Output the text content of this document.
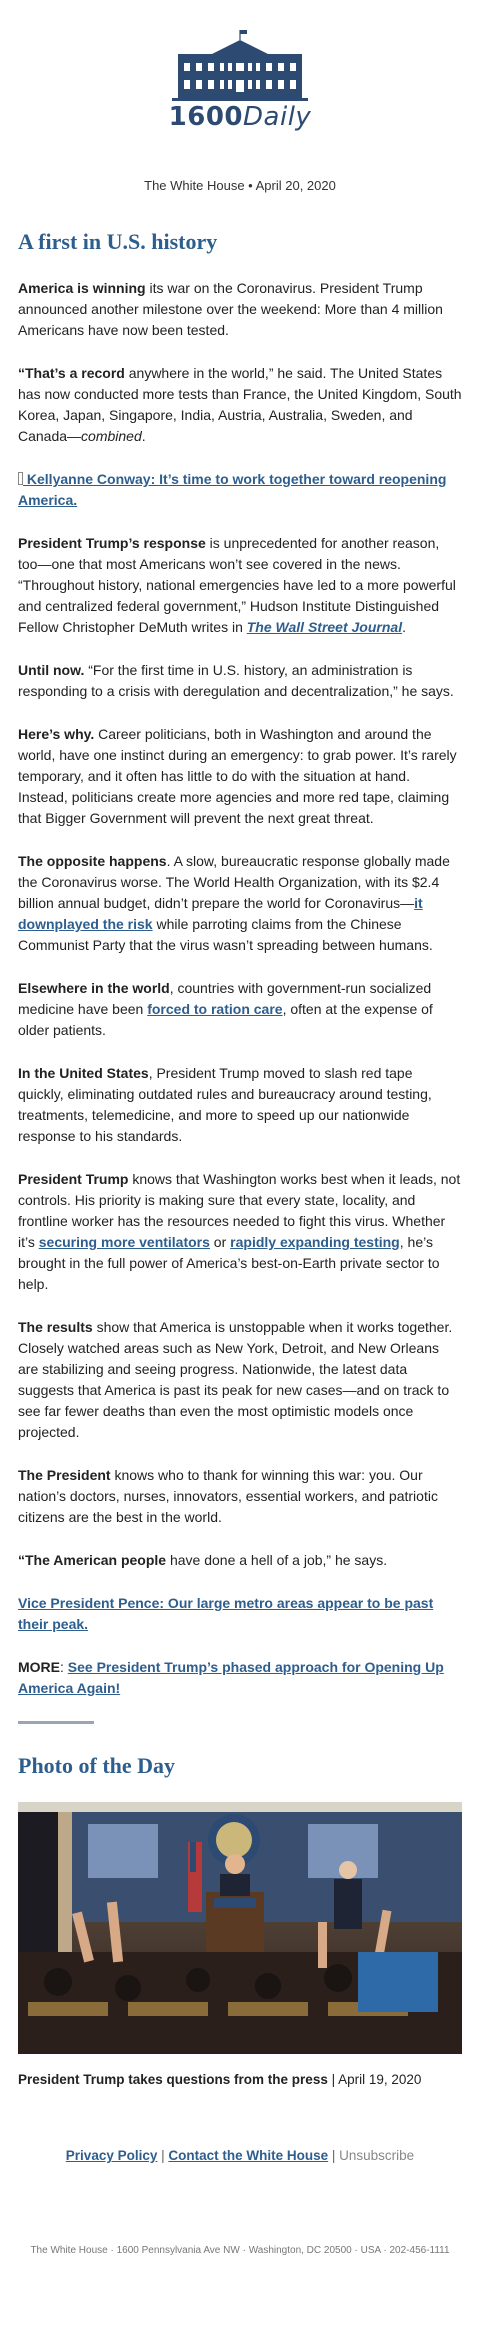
1600Daily
The White House • April 20, 2020
A first in U.S. history

America is winning its war on the Coronavirus. President Trump announced another milestone over the weekend: More than 4 million Americans have now been tested.

“That’s a record anywhere in the world,” he said. The United States has now conducted more tests than France, the United Kingdom, South Korea, Japan, Singapore, India, Austria, Australia, Sweden, and Canada—combined.

Kellyanne Conway: It’s time to work together toward reopening America.

President Trump’s response is unprecedented for another reason, too—one that most Americans won’t see covered in the news. “Throughout history, national emergencies have led to a more powerful and centralized federal government,” Hudson Institute Distinguished Fellow Christopher DeMuth writes in The Wall Street Journal.

Until now. “For the first time in U.S. history, an administration is responding to a crisis with deregulation and decentralization,” he says.

Here’s why. Career politicians, both in Washington and around the world, have one instinct during an emergency: to grab power. It’s rarely temporary, and it often has little to do with the situation at hand. Instead, politicians create more agencies and more red tape, claiming that Bigger Government will prevent the next great threat.

The opposite happens. A slow, bureaucratic response globally made the Coronavirus worse. The World Health Organization, with its $2.4 billion annual budget, didn’t prepare the world for Coronavirus—it downplayed the risk while parroting claims from the Chinese Communist Party that the virus wasn’t spreading between humans.

Elsewhere in the world, countries with government-run socialized medicine have been forced to ration care, often at the expense of older patients.

In the United States, President Trump moved to slash red tape quickly, eliminating outdated rules and bureaucracy around testing, treatments, telemedicine, and more to speed up our nationwide response to his standards.

President Trump knows that Washington works best when it leads, not controls. His priority is making sure that every state, locality, and frontline worker has the resources needed to fight this virus. Whether it’s securing more ventilators or rapidly expanding testing, he’s brought in the full power of America’s best-on-Earth private sector to help.

The results show that America is unstoppable when it works together. Closely watched areas such as New York, Detroit, and New Orleans are stabilizing and seeing progress. Nationwide, the latest data suggests that America is past its peak for new cases—and on track to see far fewer deaths than even the most optimistic models once projected.

The President knows who to thank for winning this war: you. Our nation’s doctors, nurses, innovators, essential workers, and patriotic citizens are the best in the world.

“The American people have done a hell of a job,” he says.

Vice President Pence: Our large metro areas appear to be past their peak.

MORE: See President Trump’s phased approach for Opening Up America Again!

Photo of the Day
President Trump takes questions from the press | April 19, 2020
Privacy Policy | Contact the White House | Unsubscribe
The White House · 1600 Pennsylvania Ave NW · Washington, DC 20500 · USA · 202-456-1111
